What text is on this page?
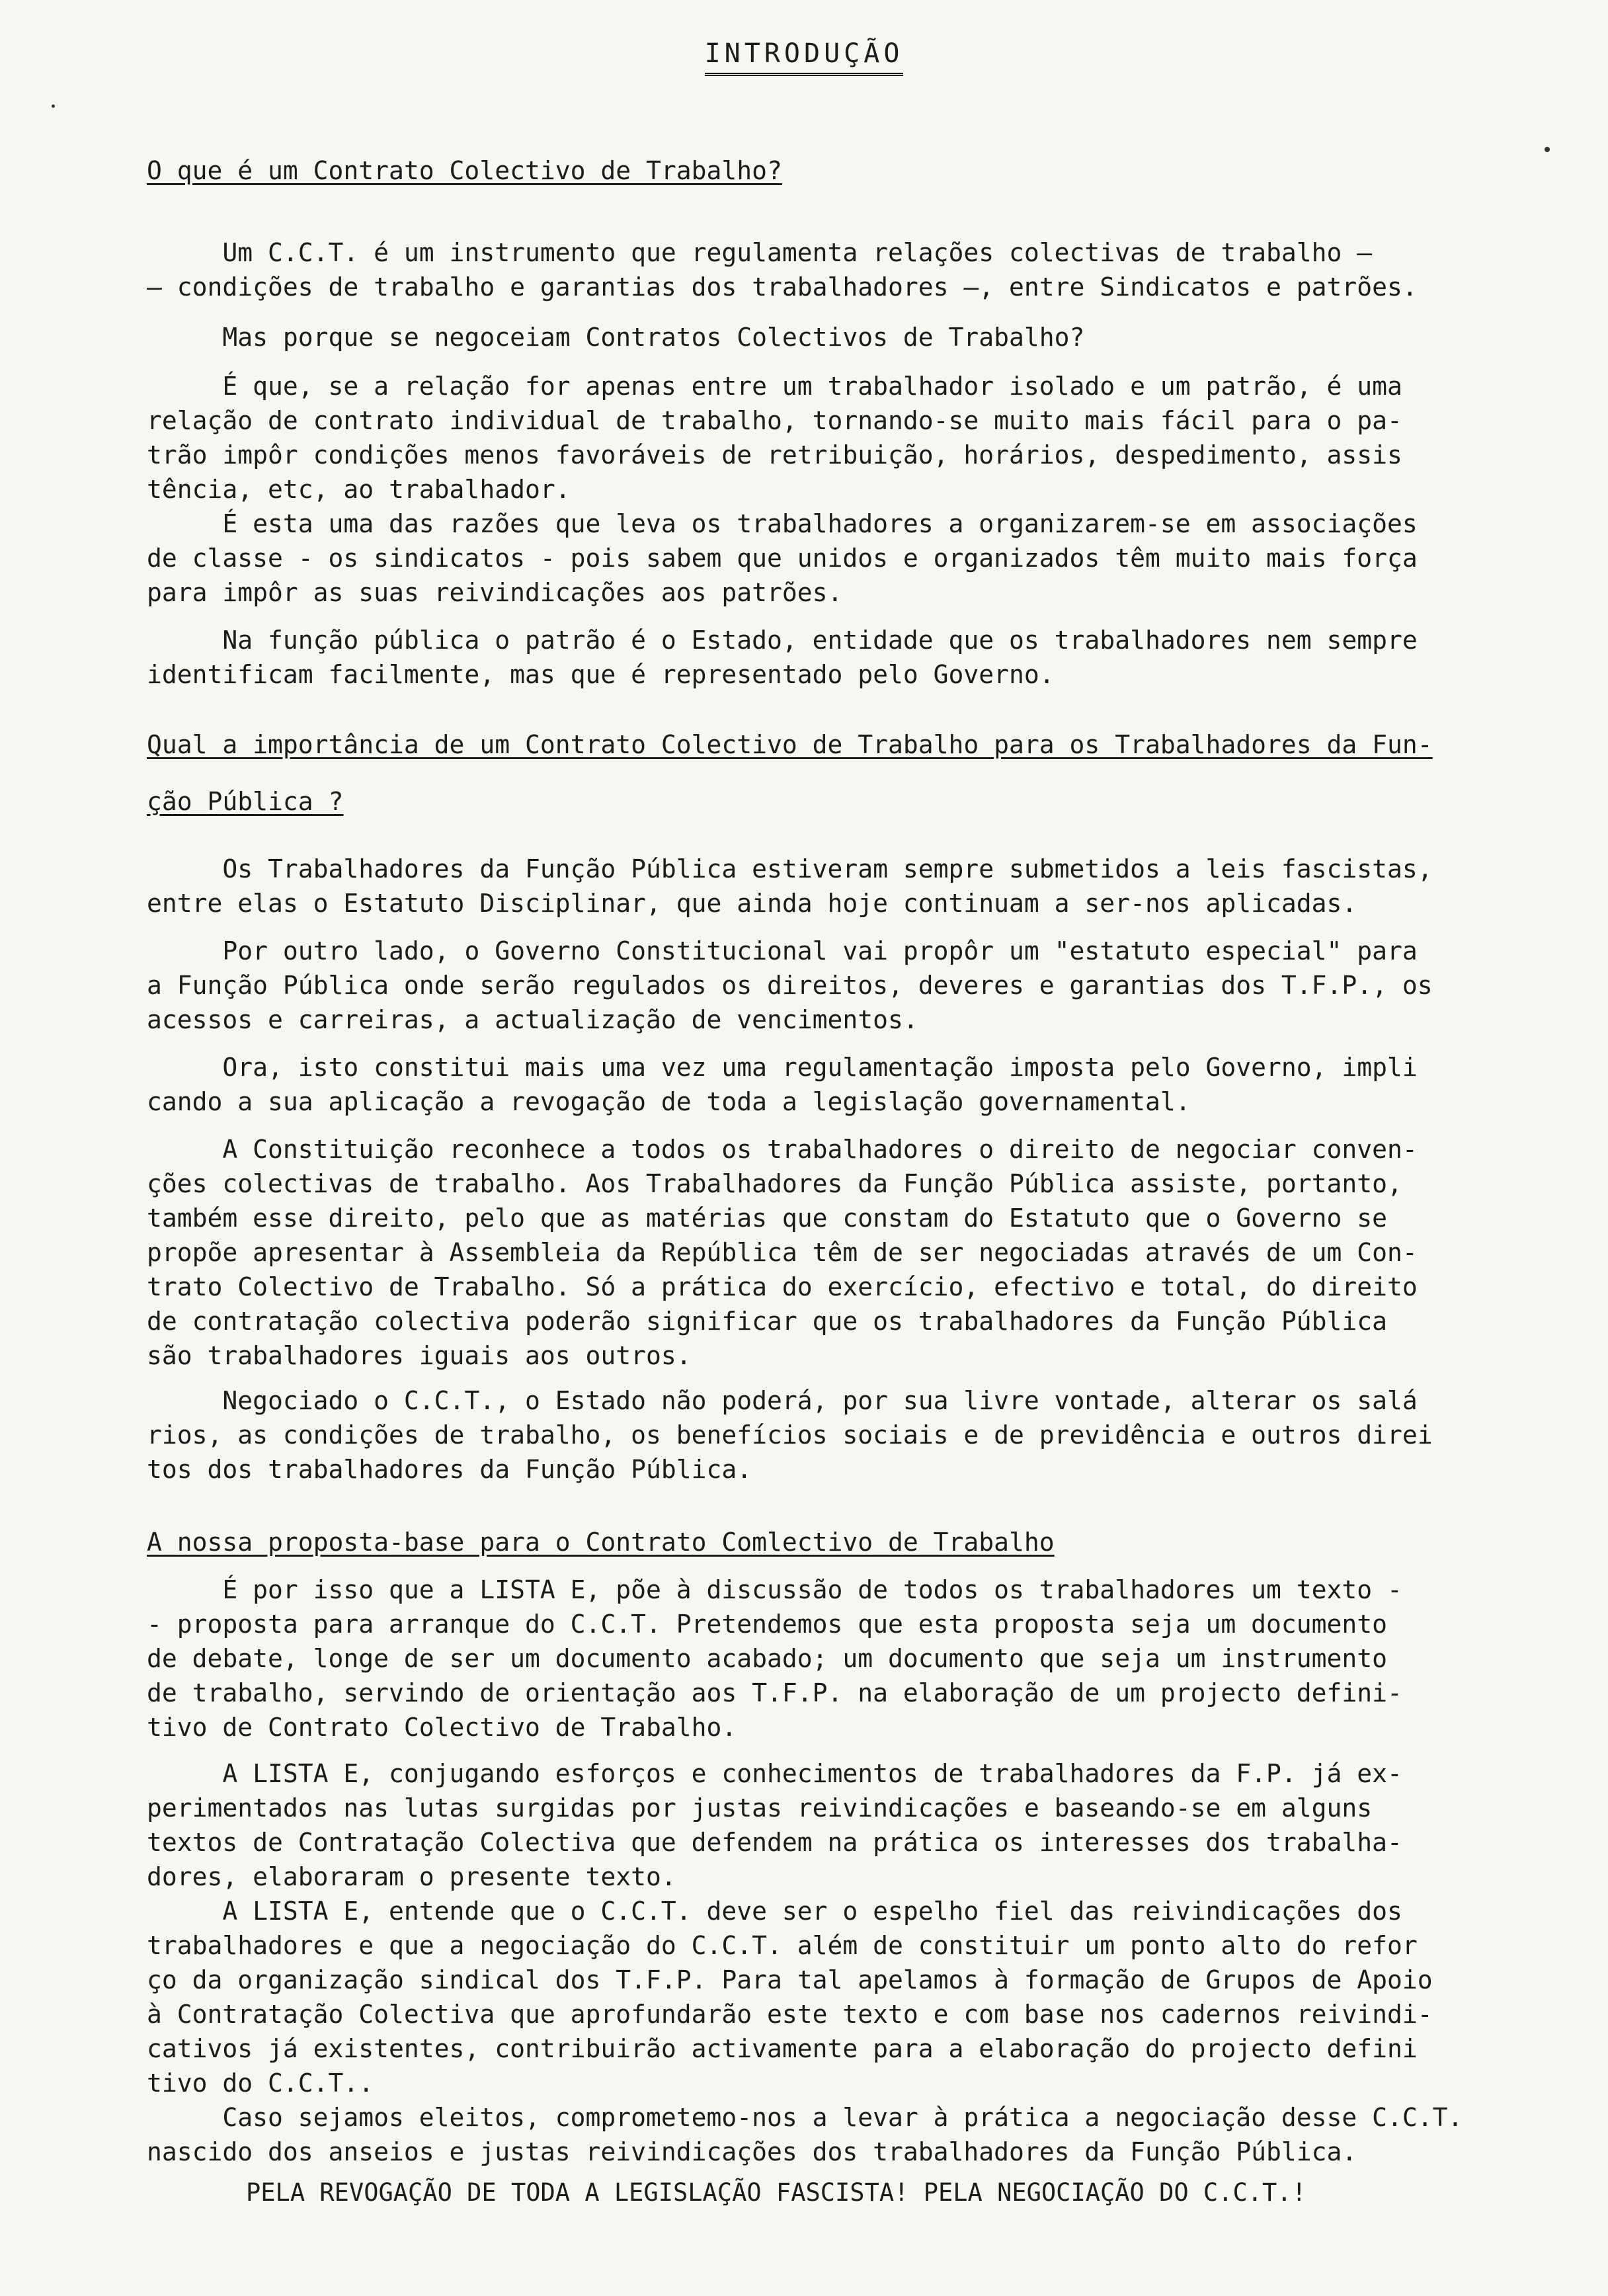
INTRODUÇÃO
O que é um Contrato Colectivo de Trabalho?
Um C.C.T. é um instrumento que regulamenta relações colectivas de trabalho —
— condições de trabalho e garantias dos trabalhadores —, entre Sindicatos e patrões.
Mas porque se negoceiam Contratos Colectivos de Trabalho?
É que, se a relação for apenas entre um trabalhador isolado e um patrão, é uma
relação de contrato individual de trabalho, tornando-se muito mais fácil para o pa-
trão impôr condições menos favoráveis de retribuição, horários, despedimento, assis
tência, etc, ao trabalhador.
É esta uma das razões que leva os trabalhadores a organizarem-se em associações
de classe - os sindicatos - pois sabem que unidos e organizados têm muito mais força
para impôr as suas reivindicações aos patrões.
Na função pública o patrão é o Estado, entidade que os trabalhadores nem sempre
identificam facilmente, mas que é representado pelo Governo.
Qual a importância de um Contrato Colectivo de Trabalho para os Trabalhadores da Fun-
ção Pública ?
Os Trabalhadores da Função Pública estiveram sempre submetidos a leis fascistas,
entre elas o Estatuto Disciplinar, que ainda hoje continuam a ser-nos aplicadas.
Por outro lado, o Governo Constitucional vai propôr um "estatuto especial" para
a Função Pública onde serão regulados os direitos, deveres e garantias dos T.F.P., os
acessos e carreiras, a actualização de vencimentos.
Ora, isto constitui mais uma vez uma regulamentação imposta pelo Governo, impli
cando a sua aplicação a revogação de toda a legislação governamental.
A Constituição reconhece a todos os trabalhadores o direito de negociar conven-
ções colectivas de trabalho. Aos Trabalhadores da Função Pública assiste, portanto,
também esse direito, pelo que as matérias que constam do Estatuto que o Governo se
propõe apresentar à Assembleia da República têm de ser negociadas através de um Con-
trato Colectivo de Trabalho. Só a prática do exercício, efectivo e total, do direito
de contratação colectiva poderão significar que os trabalhadores da Função Pública
são trabalhadores iguais aos outros.
Negociado o C.C.T., o Estado não poderá, por sua livre vontade, alterar os salá
rios, as condições de trabalho, os benefícios sociais e de previdência e outros direi
tos dos trabalhadores da Função Pública.
A nossa proposta-base para o Contrato Comlectivo de Trabalho
É por isso que a LISTA E, põe à discussão de todos os trabalhadores um texto -
- proposta para arranque do C.C.T. Pretendemos que esta proposta seja um documento
de debate, longe de ser um documento acabado; um documento que seja um instrumento
de trabalho, servindo de orientação aos T.F.P. na elaboração de um projecto defini-
tivo de Contrato Colectivo de Trabalho.
A LISTA E, conjugando esforços e conhecimentos de trabalhadores da F.P. já ex-
perimentados nas lutas surgidas por justas reivindicações e baseando-se em alguns
textos de Contratação Colectiva que defendem na prática os interesses dos trabalha-
dores, elaboraram o presente texto.
A LISTA E, entende que o C.C.T. deve ser o espelho fiel das reivindicações dos
trabalhadores e que a negociação do C.C.T. além de constituir um ponto alto do refor
ço da organização sindical dos T.F.P. Para tal apelamos à formação de Grupos de Apoio
à Contratação Colectiva que aprofundarão este texto e com base nos cadernos reivindi-
cativos já existentes, contribuirão activamente para a elaboração do projecto defini
tivo do C.C.T..
Caso sejamos eleitos, comprometemo-nos a levar à prática a negociação desse C.C.T.
nascido dos anseios e justas reivindicações dos trabalhadores da Função Pública.
PELA REVOGAÇÃO DE TODA A LEGISLAÇÃO FASCISTA! PELA NEGOCIAÇÃO DO C.C.T.!
